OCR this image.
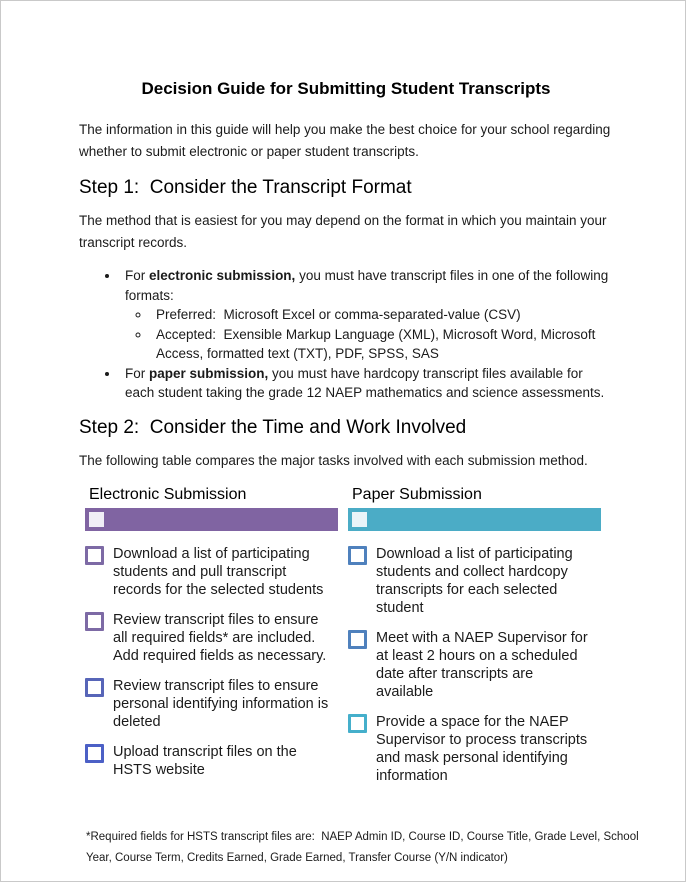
Decision Guide for Submitting Student Transcripts
The information in this guide will help you make the best choice for your school regarding whether to submit electronic or paper student transcripts.
Step 1:  Consider the Transcript Format
The method that is easiest for you may depend on the format in which you maintain your transcript records.
• For electronic submission, you must have transcript files in one of the following formats:
◦ Preferred:  Microsoft Excel or comma-separated-value (CSV)
◦ Accepted:  Exensible Markup Language (XML), Microsoft Word, Microsoft Access, formatted text (TXT), PDF, SPSS, SAS
• For paper submission, you must have hardcopy transcript files available for each student taking the grade 12 NAEP mathematics and science assessments.
Step 2:  Consider the Time and Work Involved
The following table compares the major tasks involved with each submission method.
Electronic Submission
Download a list of participating students and pull transcript records for the selected students
Review transcript files to ensure all required fields* are included. Add required fields as necessary.
Review transcript files to ensure personal identifying information is deleted
Upload transcript files on the HSTS website
Paper Submission
Download a list of participating students and collect hardcopy transcripts for each selected student
Meet with a NAEP Supervisor for at least 2 hours on a scheduled date after transcripts are available
Provide a space for the NAEP Supervisor to process transcripts and mask personal identifying information
*Required fields for HSTS transcript files are:  NAEP Admin ID, Course ID, Course Title, Grade Level, School Year, Course Term, Credits Earned, Grade Earned, Transfer Course (Y/N indicator)
